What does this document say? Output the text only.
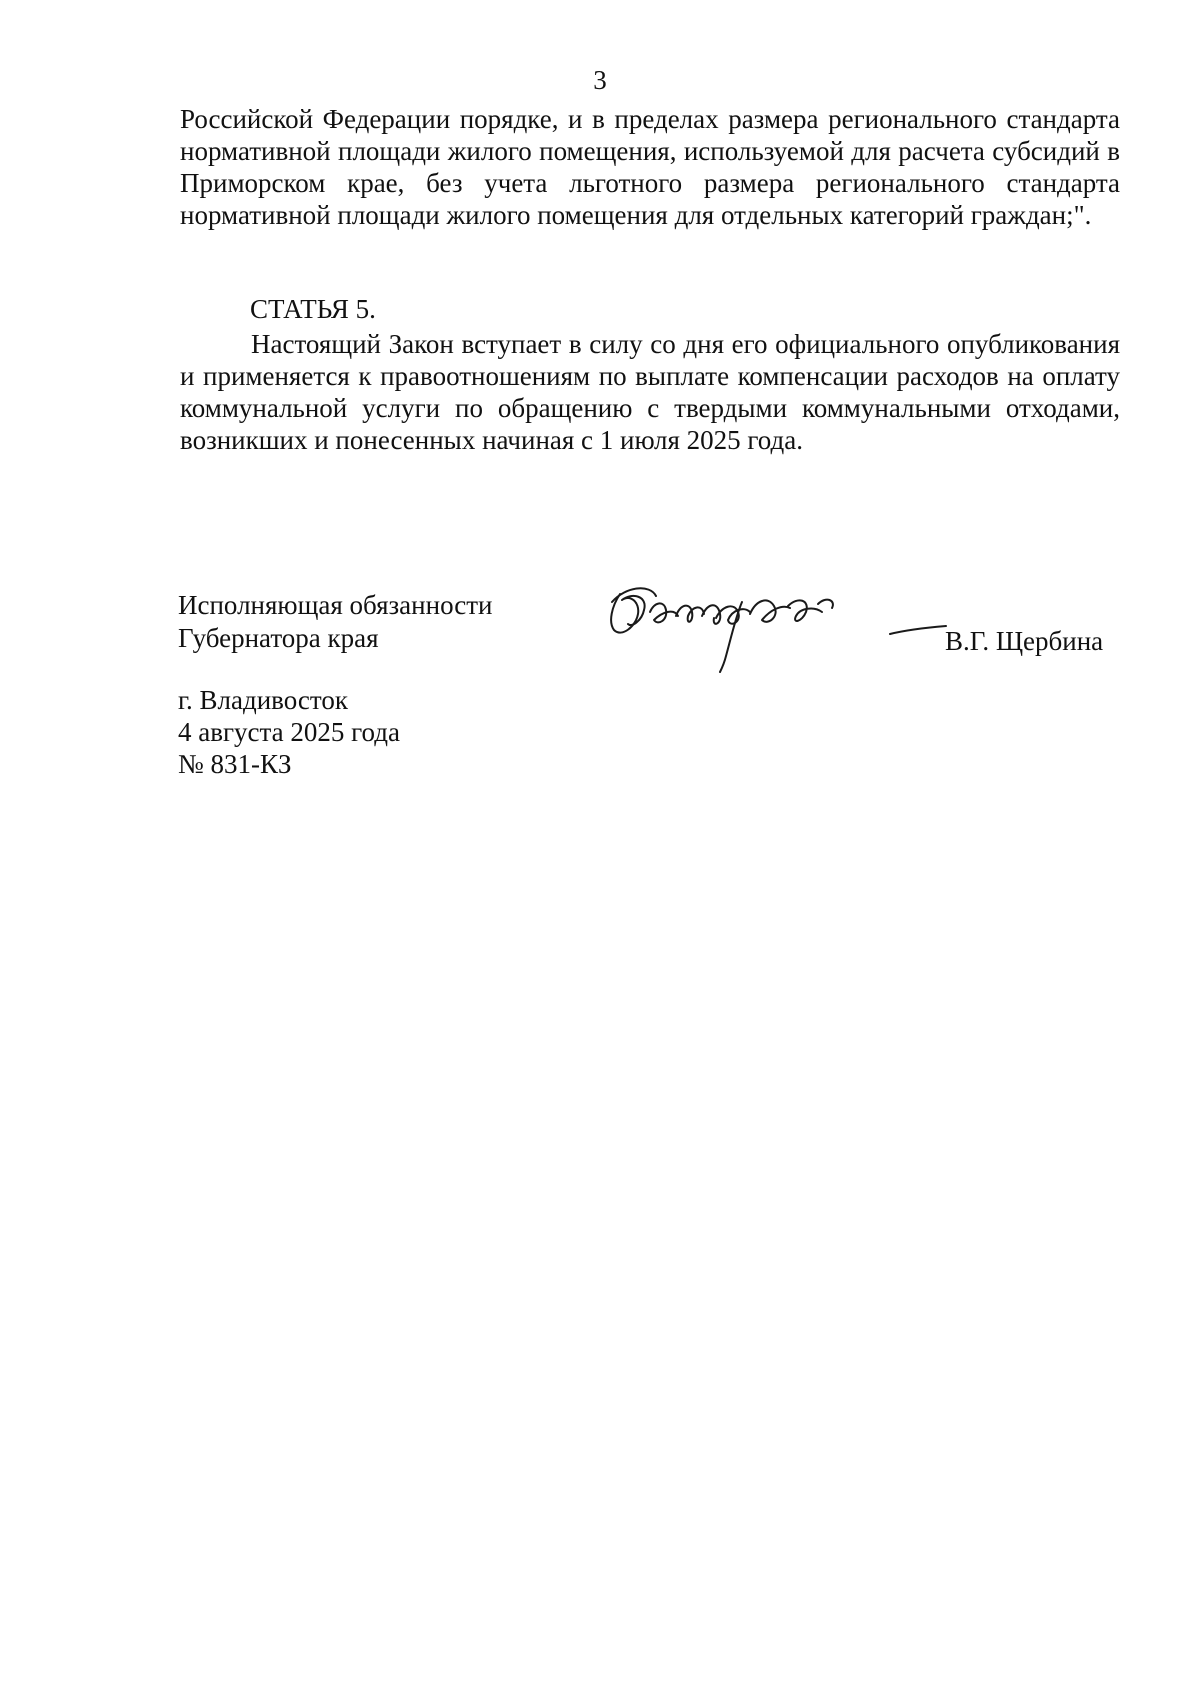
3

Российской Федерации порядке, и в пределах размера регионального стандарта нормативной площади жилого помещения, используемой для расчета субсидий в Приморском крае, без учета льготного размера регионального стандарта нормативной площади жилого помещения для отдельных категорий граждан;".

СТАТЬЯ 5.

Настоящий Закон вступает в силу со дня его официального опубликования и применяется к правоотношениям по выплате компенсации расходов на оплату коммунальной услуги по обращению с твердыми коммунальными отходами, возникших и понесенных начиная с 1 июля 2025 года.

Исполняющая обязанности
Губернатора края	В.Г. Щербина
г. Владивосток
4 августа 2025 года
№ 831-КЗ
